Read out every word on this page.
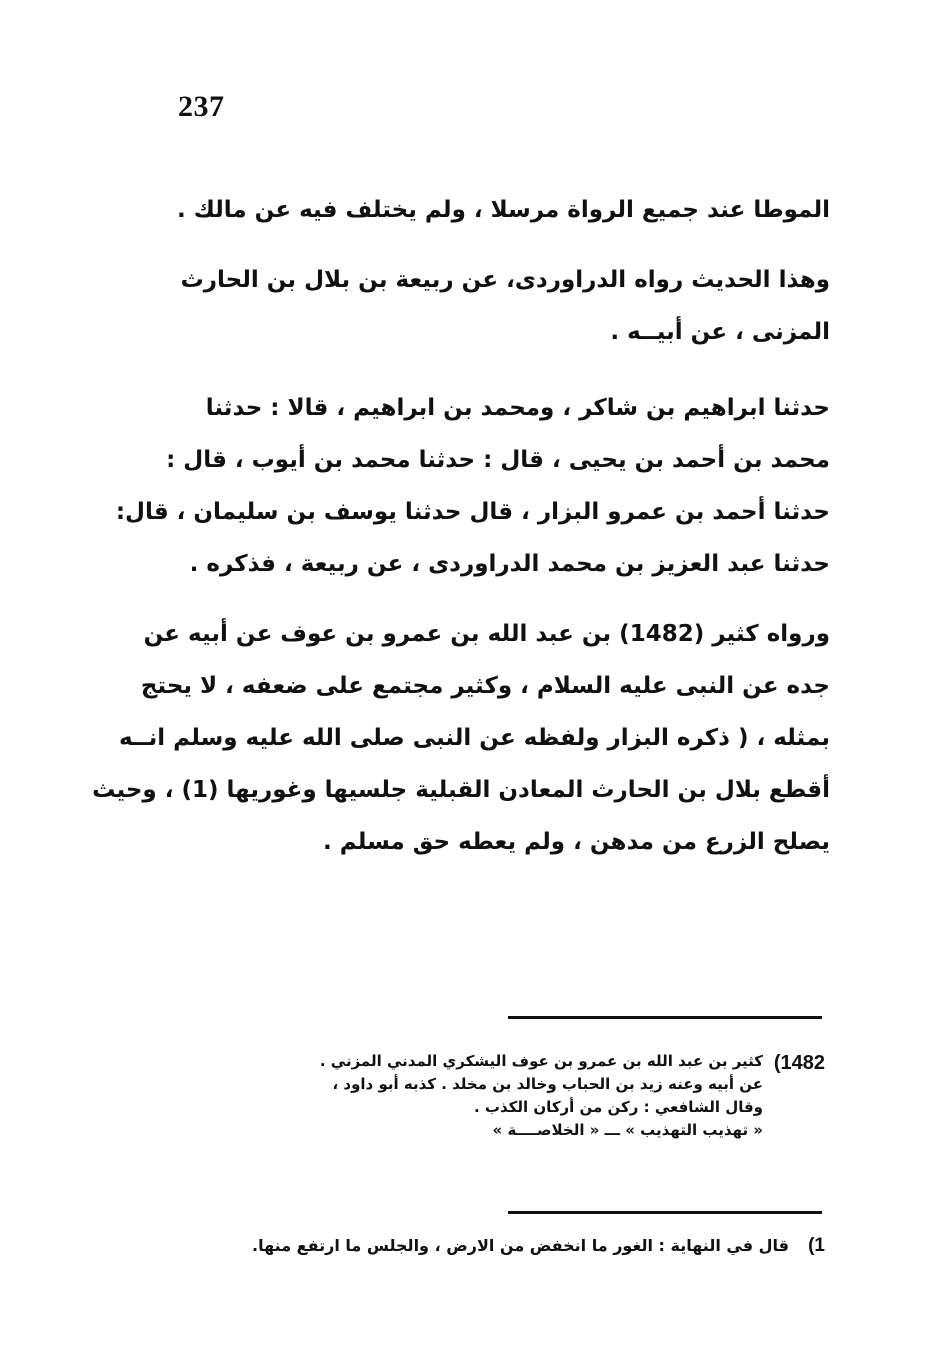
237
الموطا عند جميع الرواة مرسلا ، ولم يختلف فيه عن مالك .
وهذا الحديث رواه الدراوردى، عن ربيعة بن بلال بن الحارث
المزنى ، عن أبيــه .
حدثنا ابراهيم بن شاكر ، ومحمد بن ابراهيم ، قالا : حدثنا
محمد بن أحمد بن يحيى ، قال : حدثنا محمد بن أيوب ، قال :
حدثنا أحمد بن عمرو البزار ، قال حدثنا يوسف بن سليمان ، قال:
حدثنا عبد العزيز بن محمد الدراوردى ، عن ربيعة ، فذكره .
ورواه كثير (1482) بن عبد الله بن عمرو بن عوف عن أبيه عن
جده عن النبى عليه السلام ، وكثير مجتمع على ضعفه ، لا يحتج
بمثله ، ( ذكره البزار ولفظه عن النبى صلى الله عليه وسلم انــه
أقطع بلال بن الحارث المعادن القبلية جلسيها وغوريها (1) ، وحيث
يصلح الزرع من مدهن ، ولم يعطه حق مسلم .
1482)
كثير بن عبد الله بن عمرو بن عوف اليشكري المدني المزني .
عن أبيه وعنه زيد بن الحباب وخالد بن مخلد . كذبه أبو داود ،
وقال الشافعي : ركن من أركان الكذب .
« تهذيب التهذيب » ـــ « الخلاصــــة »
1)
قال في النهاية : الغور ما انخفض من الارض ، والجلس ما ارتفع منها.
